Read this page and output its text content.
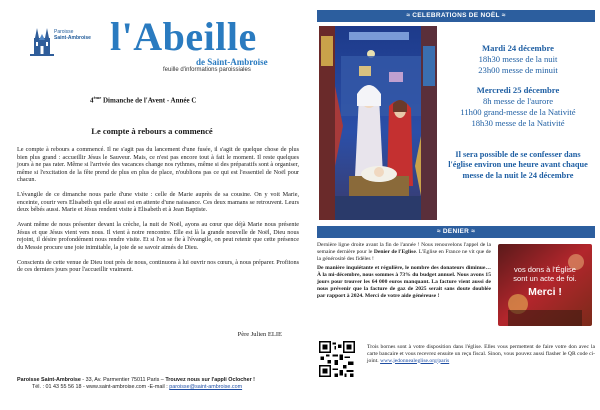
Paroisse
Saint-Ambroise l'Abeille
de Saint-Ambroise
feuille d'informations paroissiales
4ème Dimanche de l'Avent - Année C
Le compte à rebours a commencé

Le compte à rebours a commencé. Il ne s'agit pas du lancement d'une fusée, il s'agit de quelque chose de plus bien plus grand : accueillir Jésus le Sauveur. Mais, ce n'est pas encore tout à fait le moment. Il reste quelques jours à ne pas rater. Même si l'arrivée des vacances change nos rythmes, même si des préparatifs sont à organiser, même si l'excitation de la fête prend de plus en plus de place, n'oublions pas ce qui est l'essentiel de Noël pour chacun.

L'évangile de ce dimanche nous parle d'une visite : celle de Marie auprès de sa cousine. On y voit Marie, enceinte, courir vers Elisabeth qui elle aussi est en attente d'une naissance. Ces deux mamans se retrouvent. Leurs deux bébés aussi. Marie et Jésus rendent visite à Elisabeth et à Jean Baptiste.

Avant même de nous présenter devant la crèche, la nuit de Noël, ayons au cœur que déjà Marie nous présente Jésus et que Jésus vient vers nous. Il vient à notre rencontre. Elle est là la grande nouvelle de Noël, Dieu nous rejoint, il désire profondément nous rendre visite. Et si l'on se fie à l'évangile, on peut retenir que cette présence du Messie procure une joie inimitable, la joie de se savoir aimés de Dieu.

Conscients de cette venue de Dieu tout près de nous, continuons à lui ouvrir nos cœurs, à nous préparer. Profitons de ces derniers jours pour l'accueillir vraiment.

Père Julien ELIE
Paroisse Saint-Ambroise - 33, Av. Parmentier 75011 Paris – Trouvez nous sur l'appli Oclocher !
Tél. : 01 43 55 56 18 - www.saint-ambroise.com -E-mail : paroisse@saint-ambroise.com
≈ CELEBRATIONS DE NOËL ≈
Mardi 24 décembre
18h30 messe de la nuit
23h00 messe de minuit
Mercredi 25 décembre
8h messe de l'aurore
11h00 grand-messe de la Nativité
18h30 messe de la Nativité
Il sera possible de se confesser dans l'église environ une heure avant chaque messe de la nuit le 24 décembre
≈ DENIER ≈

Dernière ligne droite avant la fin de l'année ! Nous renouvelons l'appel de la semaine dernière pour le Denier de l'Eglise. L'Eglise en France ne vit que de la générosité des fidèles !

De manière inquiétante et régulière, le nombre des donateurs diminue… À la mi-décembre, nous sommes à 73% du budget annuel. Nous avons 15 jours pour trouver les 64 000 euros manquant. La facture vient aussi de nous prévenir que la facture de gaz de 2025 serait sans doute doublée par rapport à 2024. Merci de votre aide généreuse !

vos dons à l'Église
sont un acte de foi.
Merci !
Trois bornes sont à votre disposition dans l'église. Elles vous permettent de faire votre don avec la carte bancaire et vous recevrez ensuite un reçu fiscal. Sinon, vous pouvez aussi flasher le QR code ci-joint. www.jedonnealeglise.org/paris
